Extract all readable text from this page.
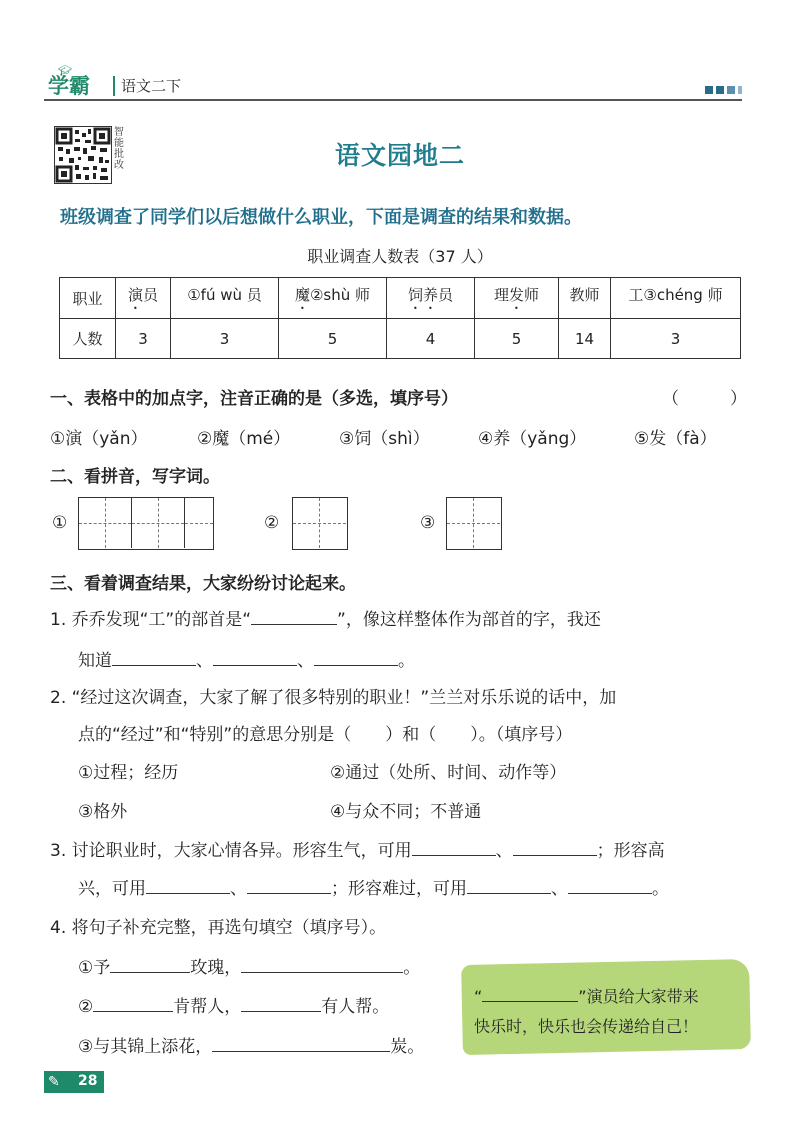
🎓︎
学霸 语文二下
智能批改	语文园地二
班级调查了同学们以后想做什么职业，下面是调查的结果和数据。
职业调查人数表（37 人）
职业	演员	①fú wù 员	魔②shù 师	饲养员	理发师	教师	工③chéng 师
人数	3	3	5	4	5	14	3
一、表格中的加点字，注音正确的是（多选，填序号）	（　　　）
①演（yǎn）	②魔（mé）	③饲（shì）	④养（yǎng）	⑤发（fà）
二、看拼音，写字词。
①	②	③
三、看着调查结果，大家纷纷讨论起来。
1. 乔乔发现“工”的部首是“	”，像这样整体作为部首的字，我还
知道	、	、	。
2. “经过这次调查，大家了解了很多特别的职业！”兰兰对乐乐说的话中，加
点的“经过”和“特别”的意思分别是（　　）和（　　）。（填序号）
①过程；经历	②通过（处所、时间、动作等）
③格外	④与众不同；不普通
3. 讨论职业时，大家心情各异。形容生气，可用	、	；形容高
兴，可用	、	；形容难过，可用	、	。
4. 将句子补充完整，再选句填空（填序号）。
①予	玫瑰，	。
②	肯帮人，	有人帮。
③与其锦上添花，	炭。
“	”演员给大家带来
快乐时，快乐也会传递给自己！
✎ 28
